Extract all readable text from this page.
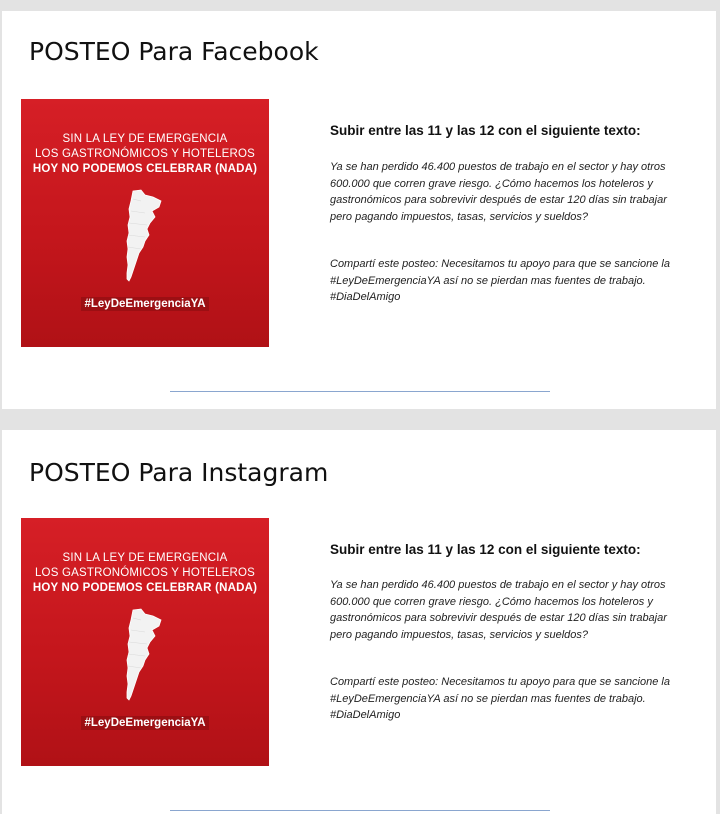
POSTEO Para Facebook
SIN LA LEY DE EMERGENCIA
LOS GASTRONÓMICOS Y HOTELEROS
HOY NO PODEMOS CELEBRAR (NADA)
#LeyDeEmergenciaYA
Subir entre las 11 y las 12 con el siguiente texto:

Ya se han perdido 46.400 puestos de trabajo en el sector y hay otros 600.000 que corren grave riesgo. ¿Cómo hacemos los hoteleros y gastronómicos para sobrevivir después de estar 120 días sin trabajar pero pagando impuestos, tasas, servicios y sueldos?

Compartí este posteo: Necesitamos tu apoyo para que se sancione la #LeyDeEmergenciaYA así no se pierdan mas fuentes de trabajo. #DiaDelAmigo

POSTEO Para Instagram
SIN LA LEY DE EMERGENCIA
LOS GASTRONÓMICOS Y HOTELEROS
HOY NO PODEMOS CELEBRAR (NADA)
#LeyDeEmergenciaYA
Subir entre las 11 y las 12 con el siguiente texto:

Ya se han perdido 46.400 puestos de trabajo en el sector y hay otros 600.000 que corren grave riesgo. ¿Cómo hacemos los hoteleros y gastronómicos para sobrevivir después de estar 120 días sin trabajar pero pagando impuestos, tasas, servicios y sueldos?

Compartí este posteo: Necesitamos tu apoyo para que se sancione la #LeyDeEmergenciaYA así no se pierdan mas fuentes de trabajo. #DiaDelAmigo
